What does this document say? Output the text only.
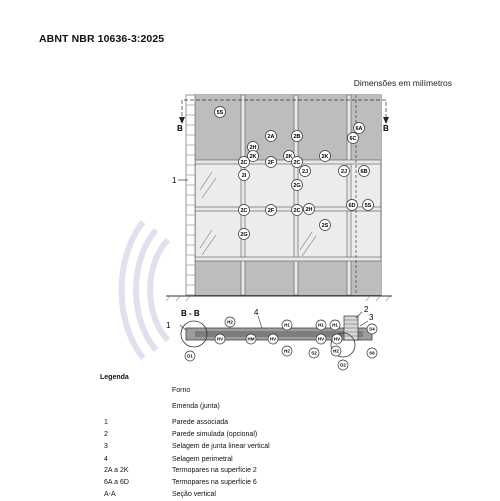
ABNT NBR 10636-3:2025
Dimensões em milímetros
B	B
1
5S
2A	2B
6A
6C
2H
2K	2K	2K
2C	2F	2C
2J	2J 6B
2I
2G
6D 5S
2C	2F	2C 2H
2S
2G
B - B
1
4	2
3
H2
H1
HV	HM	HV
H1
HV
H2	S2
HV
H1
H2
S4
S6
D1
D2
Legenda
Forno
Emenda (junta)
1	Parede associada
2	Parede simulada (opcional)
3	Selagem de junta linear vertical
4	Selagem perimetral
2A a 2K	Termopares na superfície 2
6A a 6D	Termopares na superfície 6
A-A	Seção vertical
